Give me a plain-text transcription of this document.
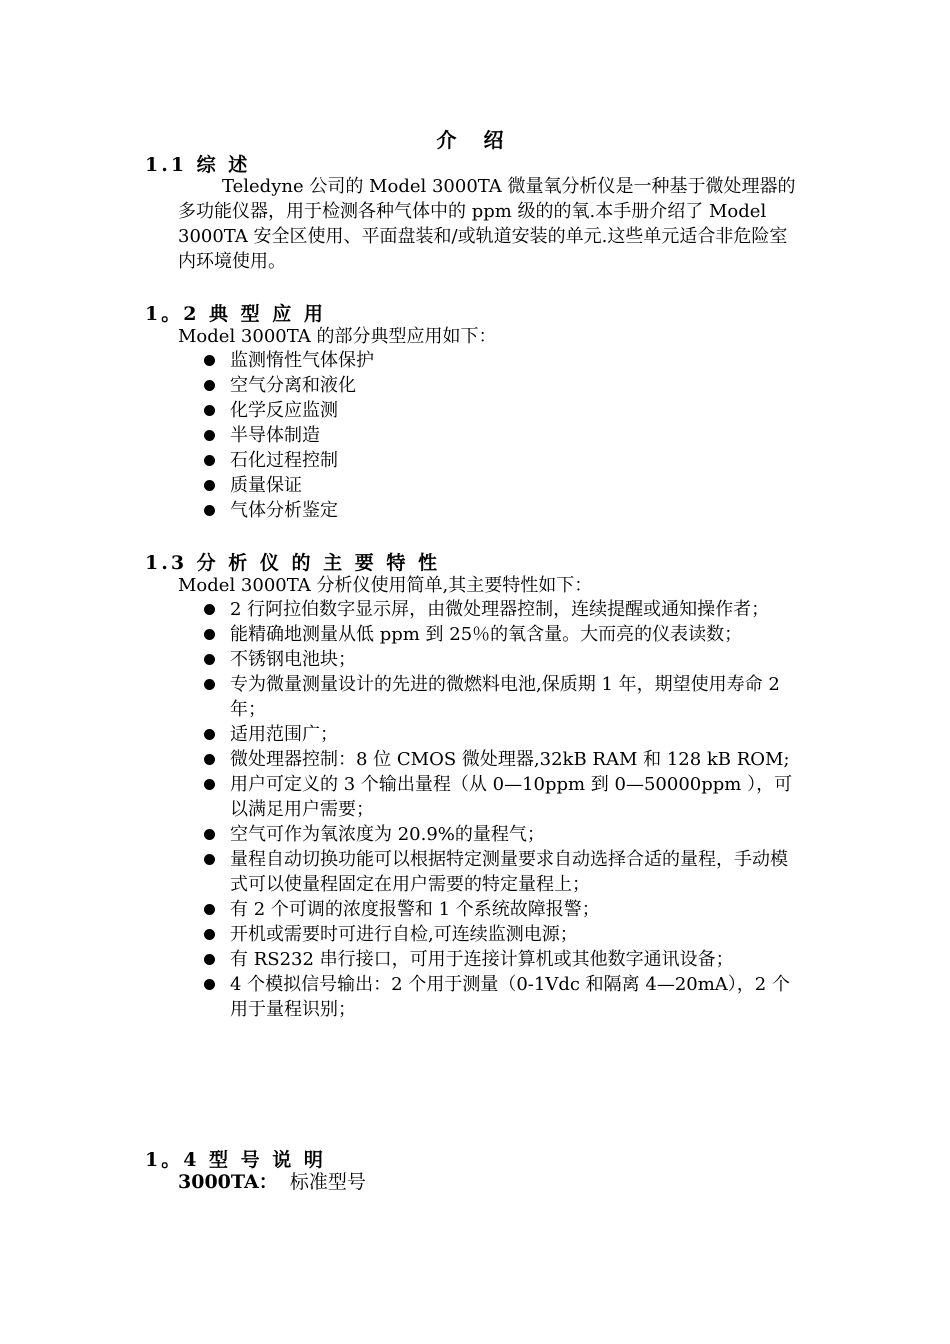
介 绍
1.1 综 述
Teledyne 公司的 Model 3000TA 微量氧分析仪是一种基于微处理器的多功能仪器，用于检测各种气体中的 ppm 级的的氧.本手册介绍了 Model 3000TA 安全区使用、平面盘装和/或轨道安装的单元.这些单元适合非危险室内环境使用。
1。2 典 型 应 用
Model 3000TA 的部分典型应用如下：
监测惰性气体保护
空气分离和液化
化学反应监测
半导体制造
石化过程控制
质量保证
气体分析鉴定
1.3 分 析 仪 的 主 要 特 性
Model 3000TA 分析仪使用简单,其主要特性如下：
2 行阿拉伯数字显示屏，由微处理器控制，连续提醒或通知操作者；
能精确地测量从低 ppm 到 25％的氧含量。大而亮的仪表读数；
不锈钢电池块；
专为微量测量设计的先进的微燃料电池,保质期 1 年，期望使用寿命 2 年；
适用范围广；
微处理器控制：8 位 CMOS 微处理器,32kB RAM 和 128 kB ROM;
用户可定义的 3 个输出量程（从 0—10ppm 到 0—50000ppm ），可以满足用户需要；
空气可作为氧浓度为 20.9%的量程气；
量程自动切换功能可以根据特定测量要求自动选择合适的量程，手动模式可以使量程固定在用户需要的特定量程上；
有 2 个可调的浓度报警和 1 个系统故障报警；
开机或需要时可进行自检,可连续监测电源；
有 RS232 串行接口，可用于连接计算机或其他数字通讯设备；
4 个模拟信号输出：2 个用于测量（0-1Vdc 和隔离 4—20mA），2 个用于量程识别；
1。4 型 号 说 明
3000TA： 标准型号
